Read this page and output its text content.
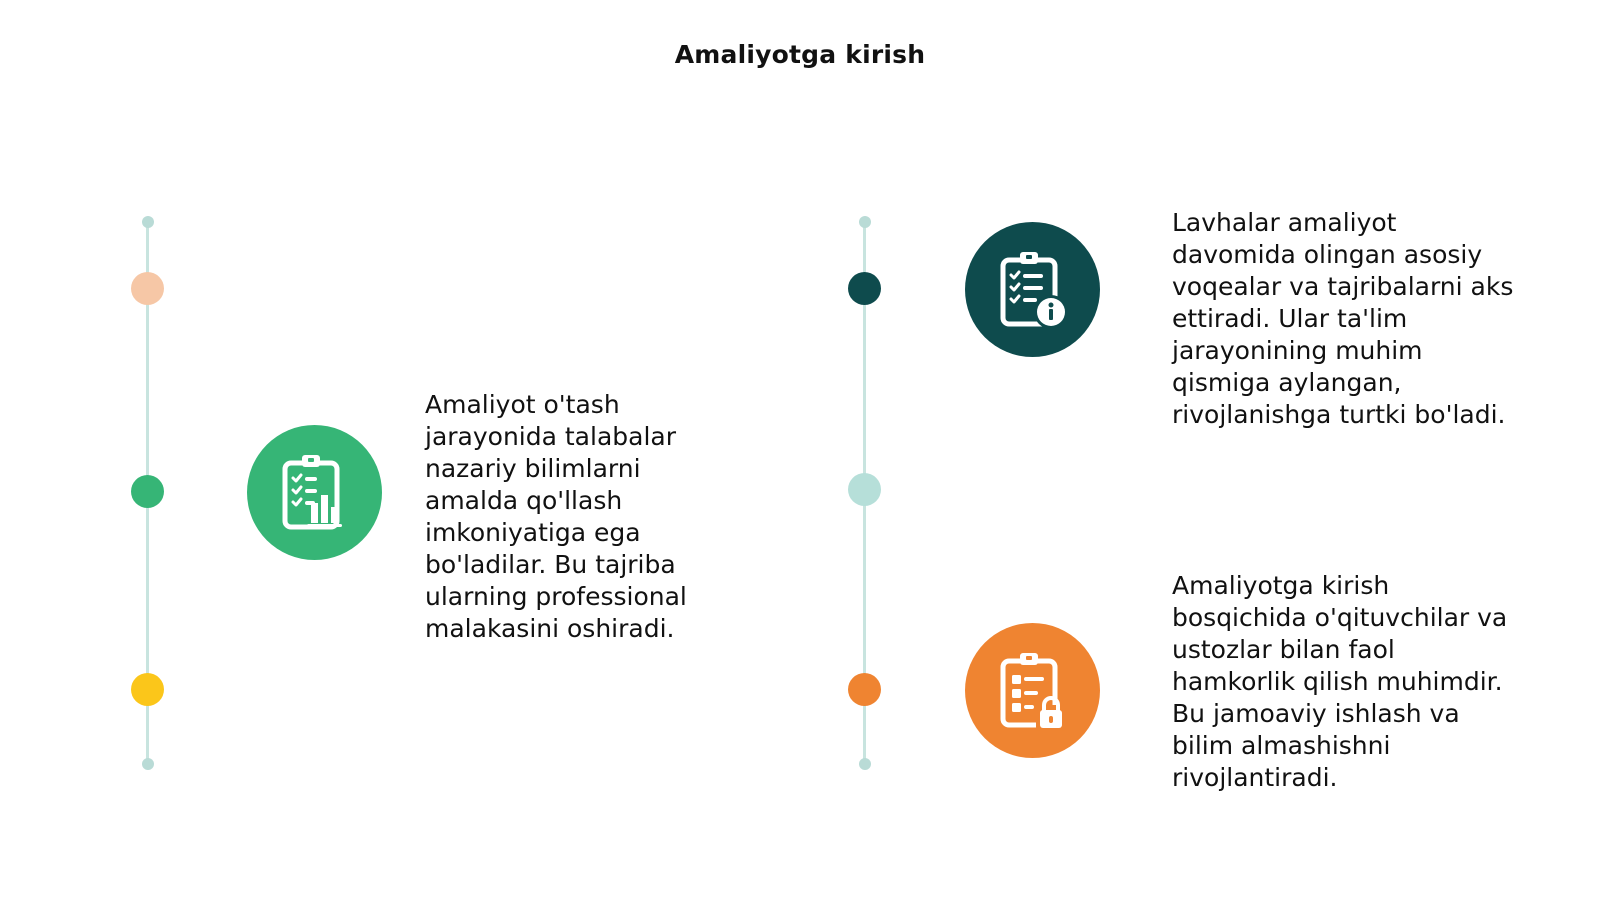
Amaliyotga kirish
Amaliyot o'tash
jarayonida talabalar
nazariy bilimlarni
amalda qo'llash
imkoniyatiga ega
bo'ladilar. Bu tajriba
ularning professional
malakasini oshiradi.
Lavhalar amaliyot
davomida olingan asosiy
voqealar va tajribalarni aks
ettiradi. Ular ta'lim
jarayonining muhim
qismiga aylangan,
rivojlanishga turtki bo'ladi.
Amaliyotga kirish
bosqichida o'qituvchilar va
ustozlar bilan faol
hamkorlik qilish muhimdir.
Bu jamoaviy ishlash va
bilim almashishni
rivojlantiradi.
